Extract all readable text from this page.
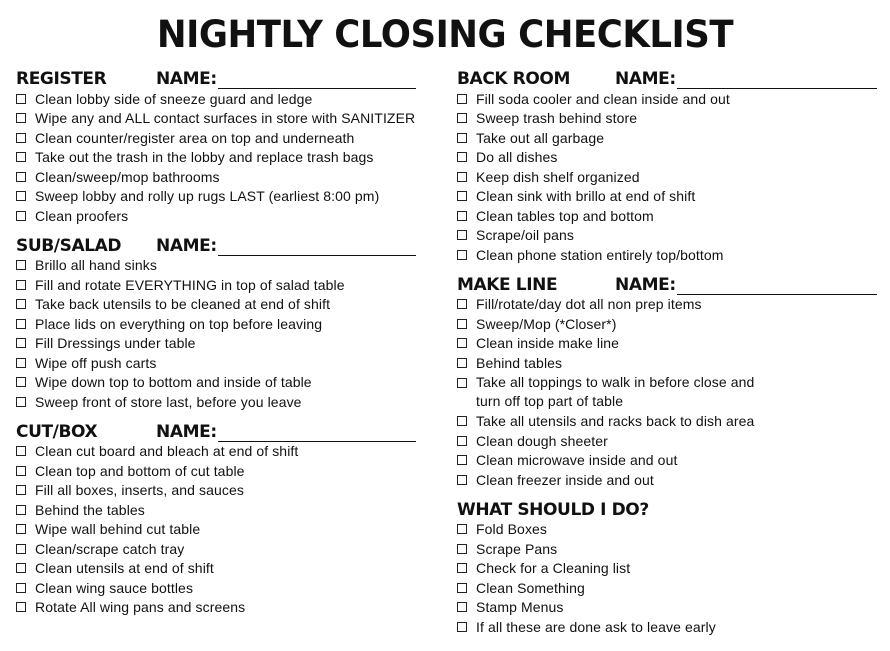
NIGHTLY CLOSING CHECKLIST
REGISTER	NAME:
Clean lobby side of sneeze guard and ledge
Wipe any and ALL contact surfaces in store with SANITIZER
Clean counter/register area on top and underneath
Take out the trash in the lobby and replace trash bags
Clean/sweep/mop bathrooms
Sweep lobby and rolly up rugs LAST (earliest 8:00 pm)
Clean proofers
SUB/SALAD	NAME:
Brillo all hand sinks
Fill and rotate EVERYTHING in top of salad table
Take back utensils to be cleaned at end of shift
Place lids on everything on top before leaving
Fill Dressings under table
Wipe off push carts
Wipe down top to bottom and inside of table
Sweep front of store last, before you leave
CUT/BOX	NAME:
Clean cut board and bleach at end of shift
Clean top and bottom of cut table
Fill all boxes, inserts, and sauces
Behind the tables
Wipe wall behind cut table
Clean/scrape catch tray
Clean utensils at end of shift
Clean wing sauce bottles
Rotate All wing pans and screens
BACK ROOM	NAME:
Fill soda cooler and clean inside and out
Sweep trash behind store
Take out all garbage
Do all dishes
Keep dish shelf organized
Clean sink with brillo at end of shift
Clean tables top and bottom
Scrape/oil pans
Clean phone station entirely top/bottom
MAKE LINE	NAME:
Fill/rotate/day dot all non prep items
Sweep/Mop (*Closer*)
Clean inside make line
Behind tables
Take all toppings to walk in before close and turn off top part of table
Take all utensils and racks back to dish area
Clean dough sheeter
Clean microwave inside and out
Clean freezer inside and out
WHAT SHOULD I DO?
Fold Boxes
Scrape Pans
Check for a Cleaning list
Clean Something
Stamp Menus
If all these are done ask to leave early
